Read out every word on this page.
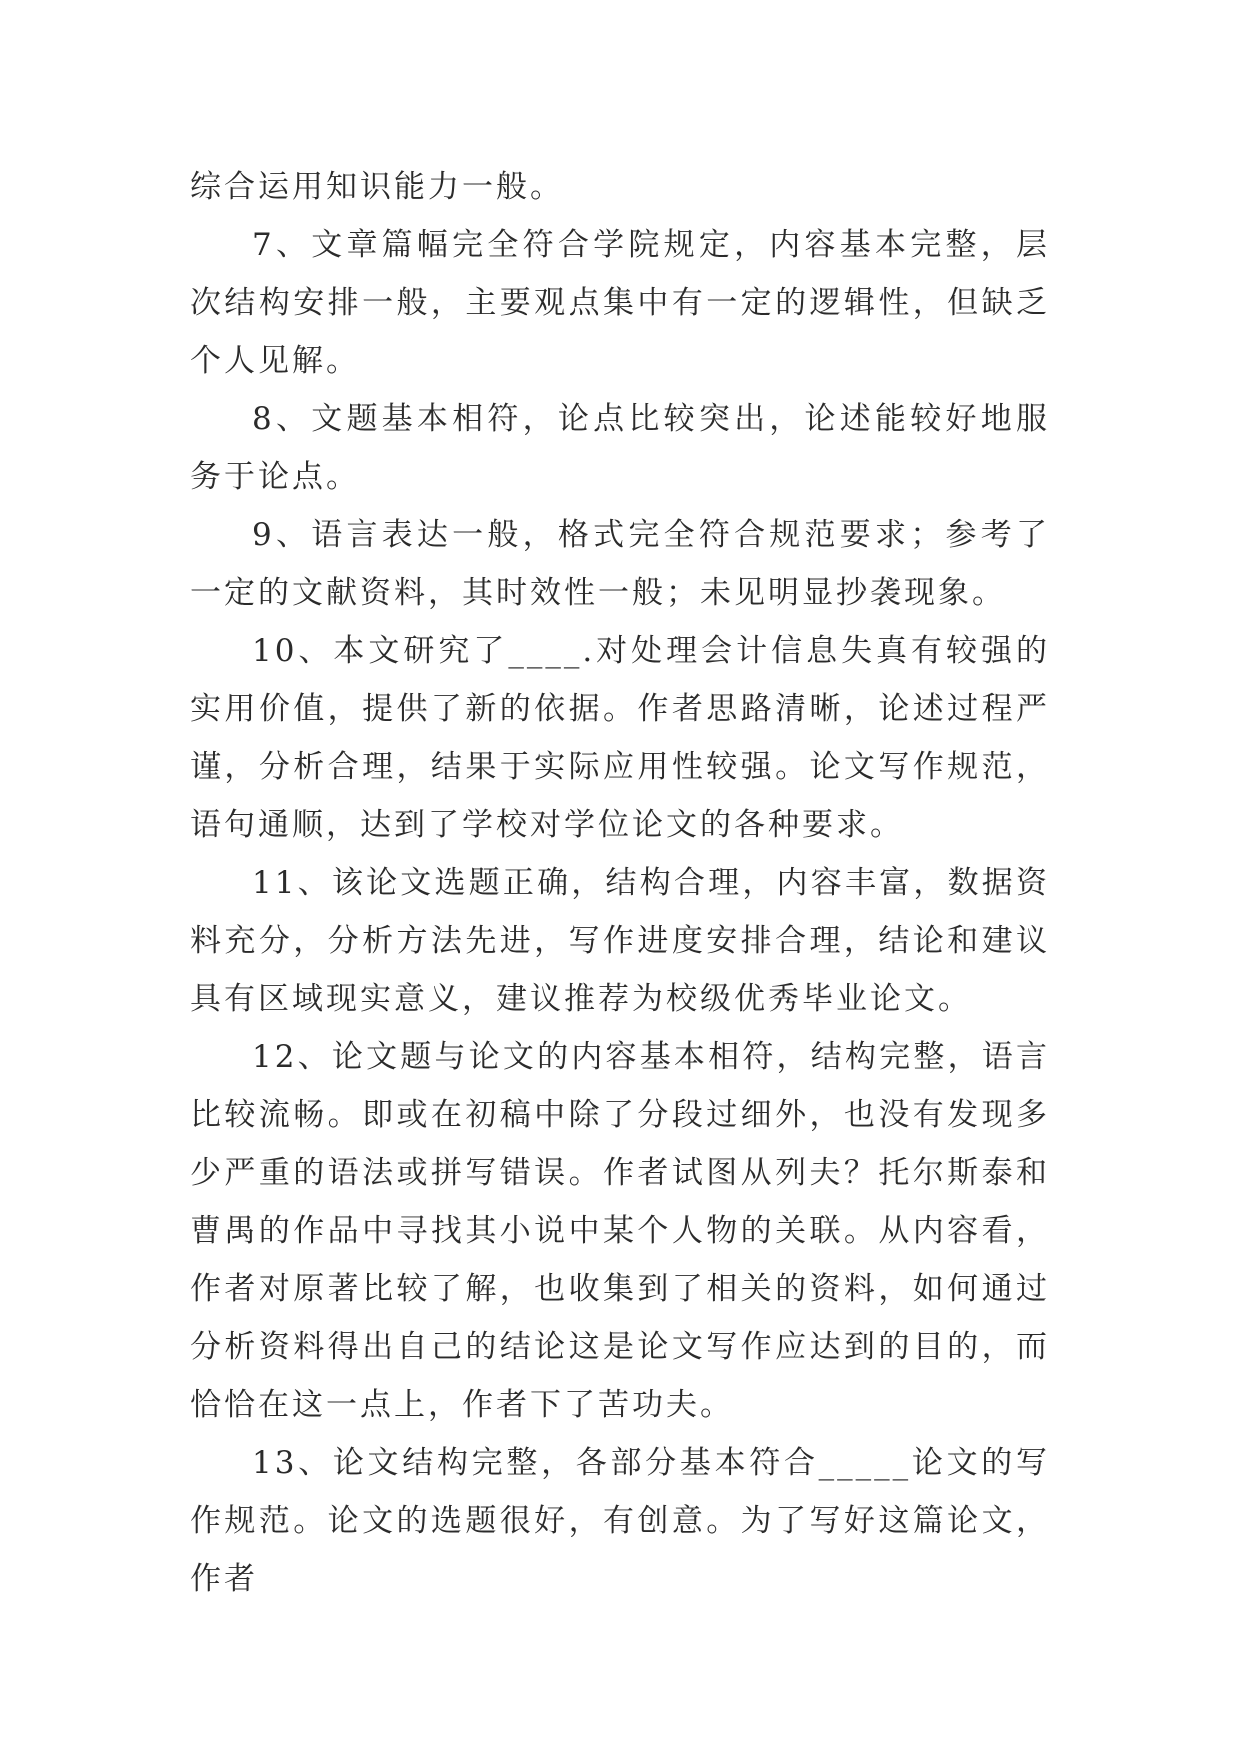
综合运用知识能力一般。

7、文章篇幅完全符合学院规定，内容基本完整，层次结构安排一般，主要观点集中有一定的逻辑性，但缺乏个人见解。

8、文题基本相符，论点比较突出，论述能较好地服务于论点。

9、语言表达一般，格式完全符合规范要求；参考了一定的文献资料，其时效性一般；未见明显抄袭现象。

10、本文研究了____.对处理会计信息失真有较强的实用价值，提供了新的依据。作者思路清晰，论述过程严谨，分析合理，结果于实际应用性较强。论文写作规范，语句通顺，达到了学校对学位论文的各种要求。

11、该论文选题正确，结构合理，内容丰富，数据资料充分，分析方法先进，写作进度安排合理，结论和建议具有区域现实意义，建议推荐为校级优秀毕业论文。

12、论文题与论文的内容基本相符，结构完整，语言比较流畅。即或在初稿中除了分段过细外，也没有发现多少严重的语法或拼写错误。作者试图从列夫？托尔斯泰和曹禺的作品中寻找其小说中某个人物的关联。从内容看，作者对原著比较了解，也收集到了相关的资料，如何通过分析资料得出自己的结论这是论文写作应达到的目的，而恰恰在这一点上，作者下了苦功夫。

13、论文结构完整，各部分基本符合_____论文的写作规范。论文的选题很好，有创意。为了写好这篇论文，作者
